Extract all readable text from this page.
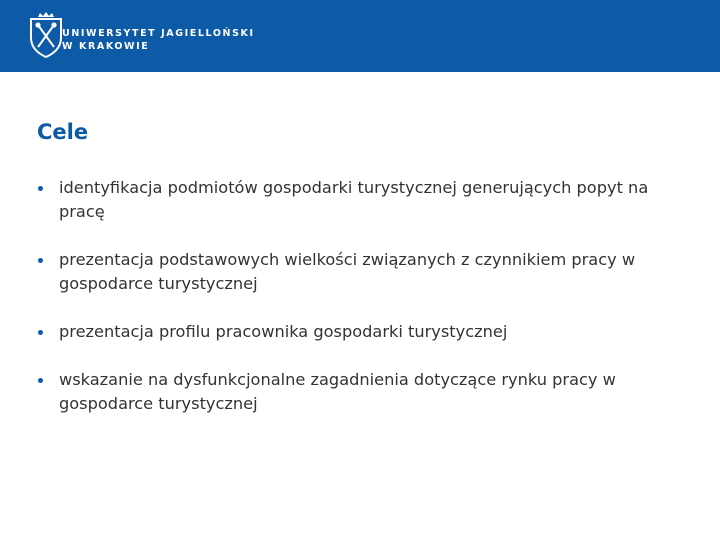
UNIWERSYTET JAGIELLOŃSKI
W KRAKOWIE
Cele
identyfikacja podmiotów gospodarki turystycznej generujących popyt na pracę
prezentacja podstawowych wielkości związanych z czynnikiem pracy w gospodarce turystycznej
prezentacja profilu pracownika gospodarki turystycznej
wskazanie na dysfunkcjonalne zagadnienia dotyczące rynku pracy w gospodarce turystycznej
